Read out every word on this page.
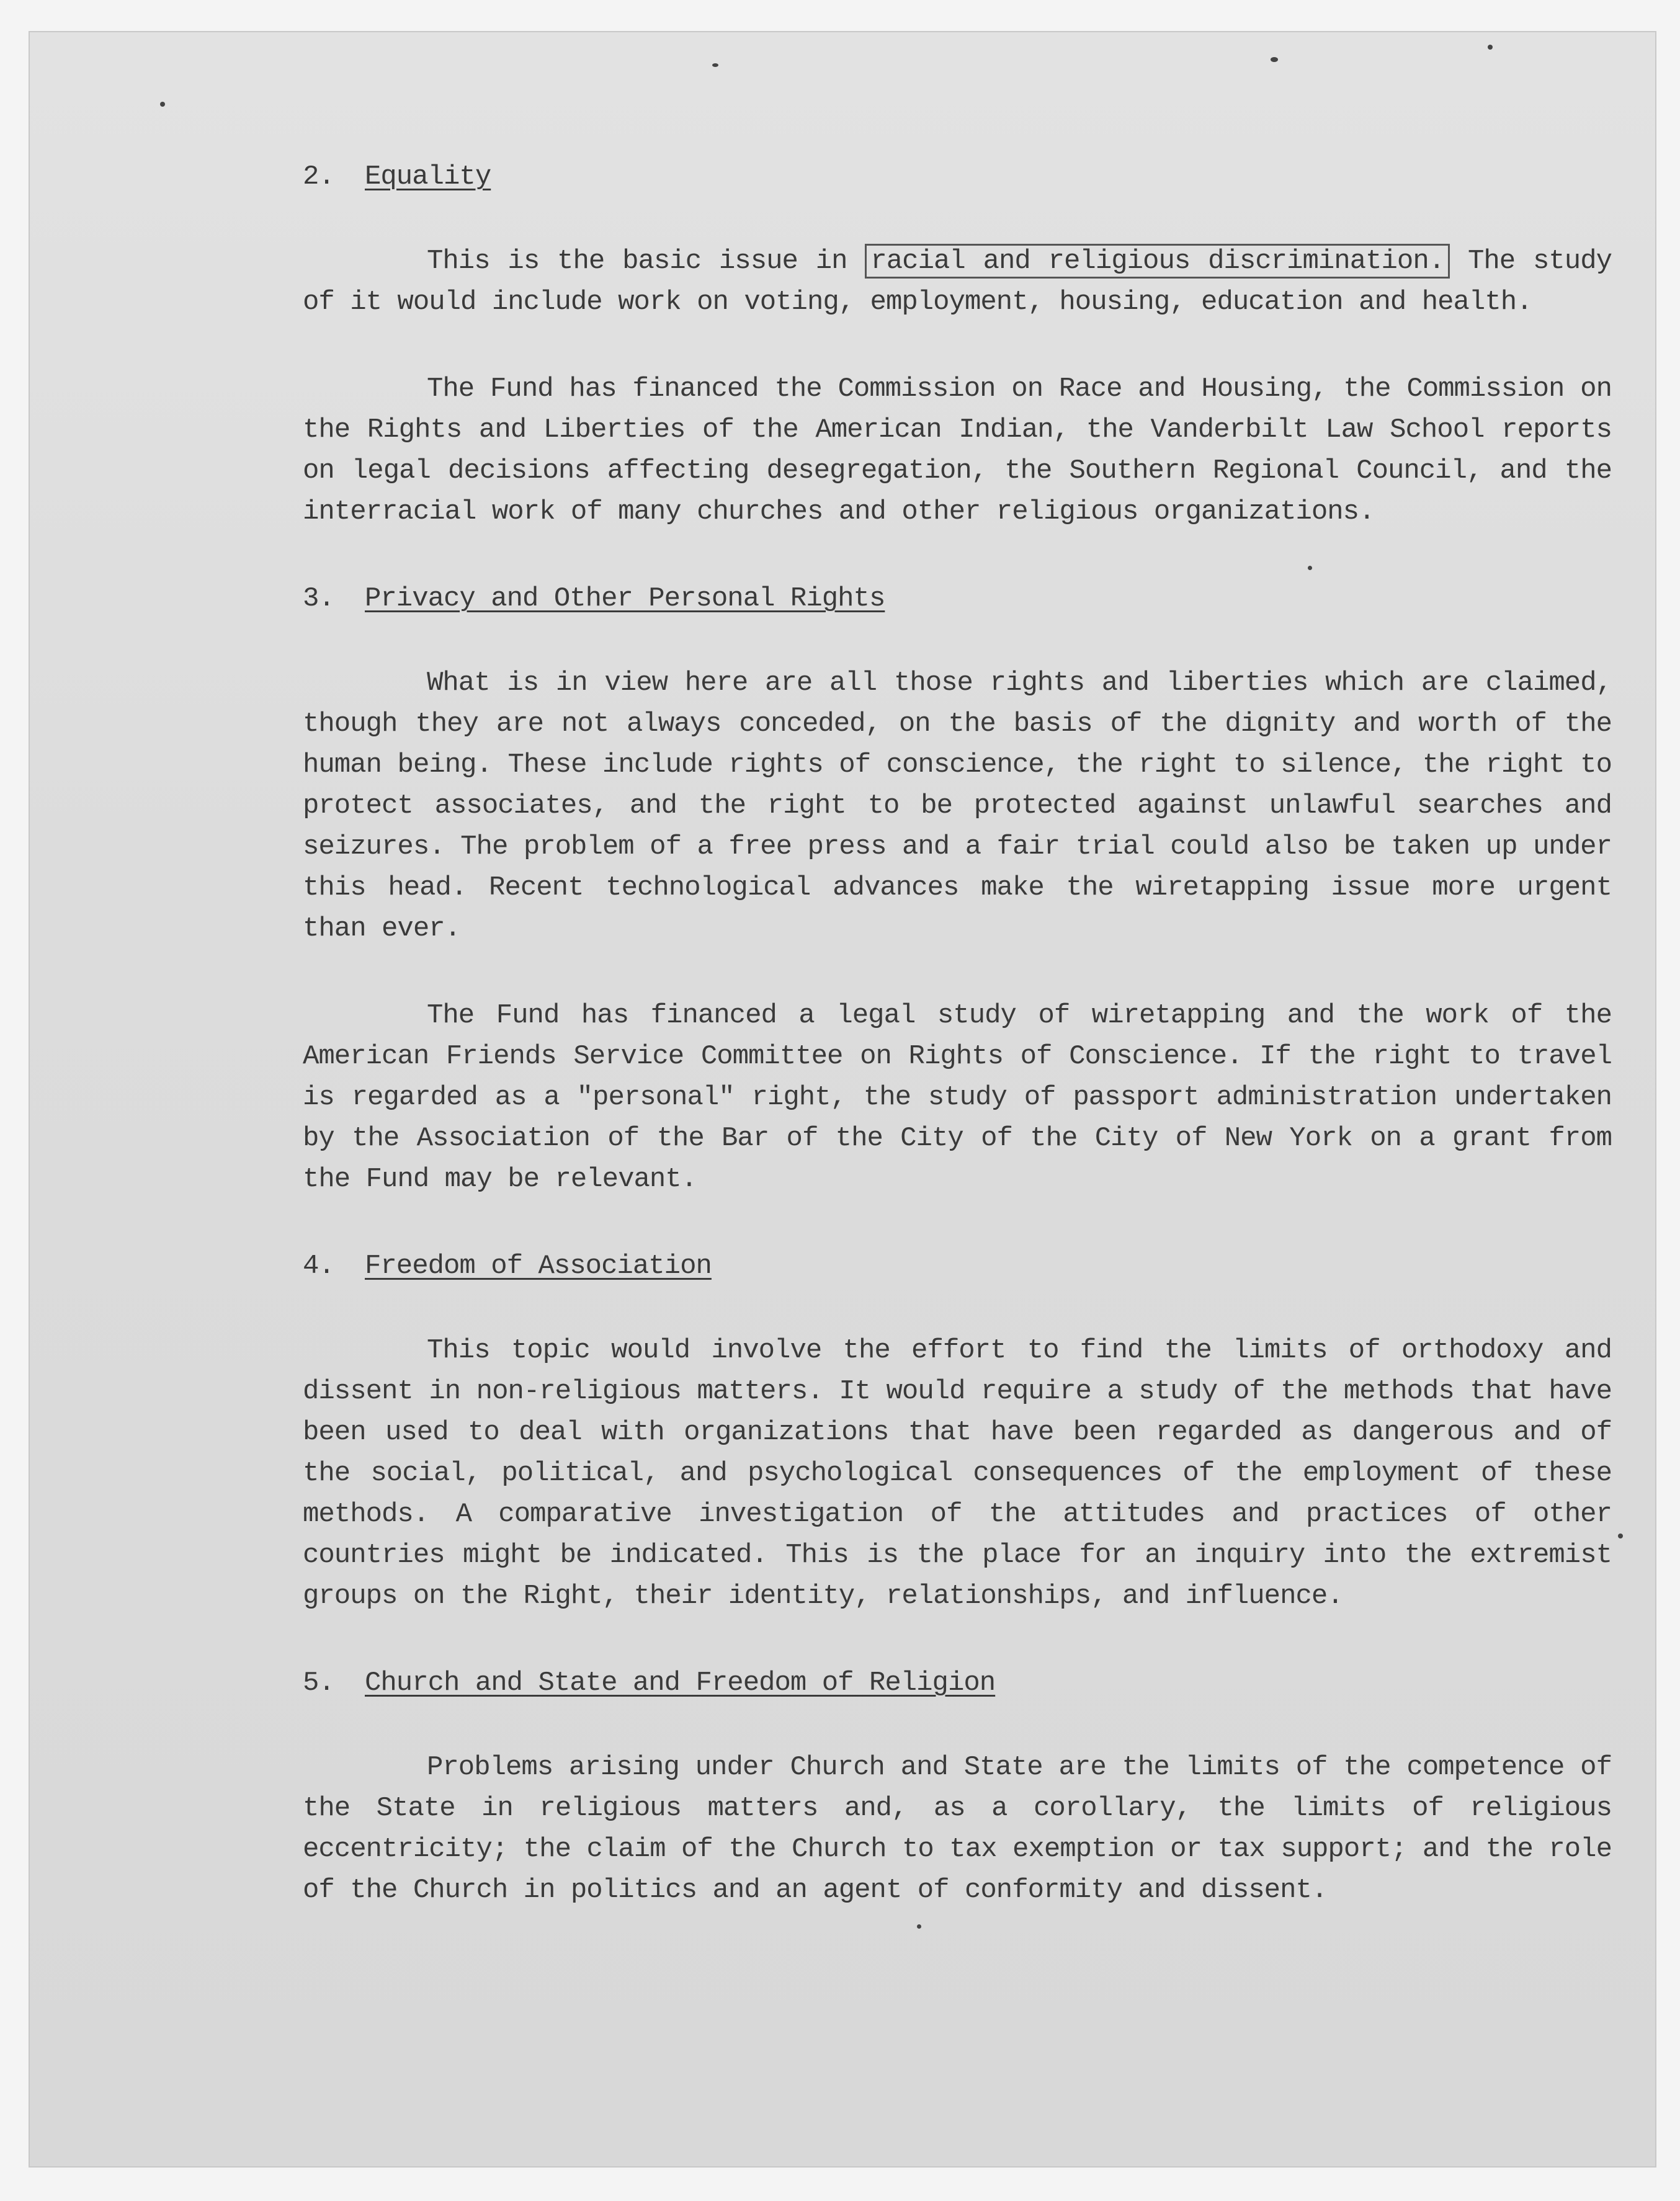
2.	Equality

This is the basic issue in racial and religious discrimination. The study of it would include work on voting, employment, housing, education and health.

The Fund has financed the Commission on Race and Housing, the Commission on the Rights and Liberties of the American Indian, the Vanderbilt Law School reports on legal decisions affecting desegregation, the Southern Regional Council, and the interracial work of many churches and other religious organizations.

3.	Privacy and Other Personal Rights

What is in view here are all those rights and liberties which are claimed, though they are not always conceded, on the basis of the dignity and worth of the human being. These include rights of conscience, the right to silence, the right to protect associates, and the right to be protected against unlawful searches and seizures. The problem of a free press and a fair trial could also be taken up under this head. Recent technological advances make the wiretapping issue more urgent than ever.

The Fund has financed a legal study of wiretapping and the work of the American Friends Service Committee on Rights of Conscience. If the right to travel is regarded as a "personal" right, the study of passport administration undertaken by the Association of the Bar of the City of the City of New York on a grant from the Fund may be relevant.

4.	Freedom of Association

This topic would involve the effort to find the limits of orthodoxy and dissent in non-religious matters. It would require a study of the methods that have been used to deal with organizations that have been regarded as dangerous and of the social, political, and psychological consequences of the employment of these methods. A comparative investigation of the attitudes and practices of other countries might be indicated. This is the place for an inquiry into the extremist groups on the Right, their identity, relationships, and influence.

5.	Church and State and Freedom of Religion

Problems arising under Church and State are the limits of the competence of the State in religious matters and, as a corollary, the limits of religious eccentricity; the claim of the Church to tax exemption or tax support; and the role of the Church in politics and an agent of conformity and dissent.
